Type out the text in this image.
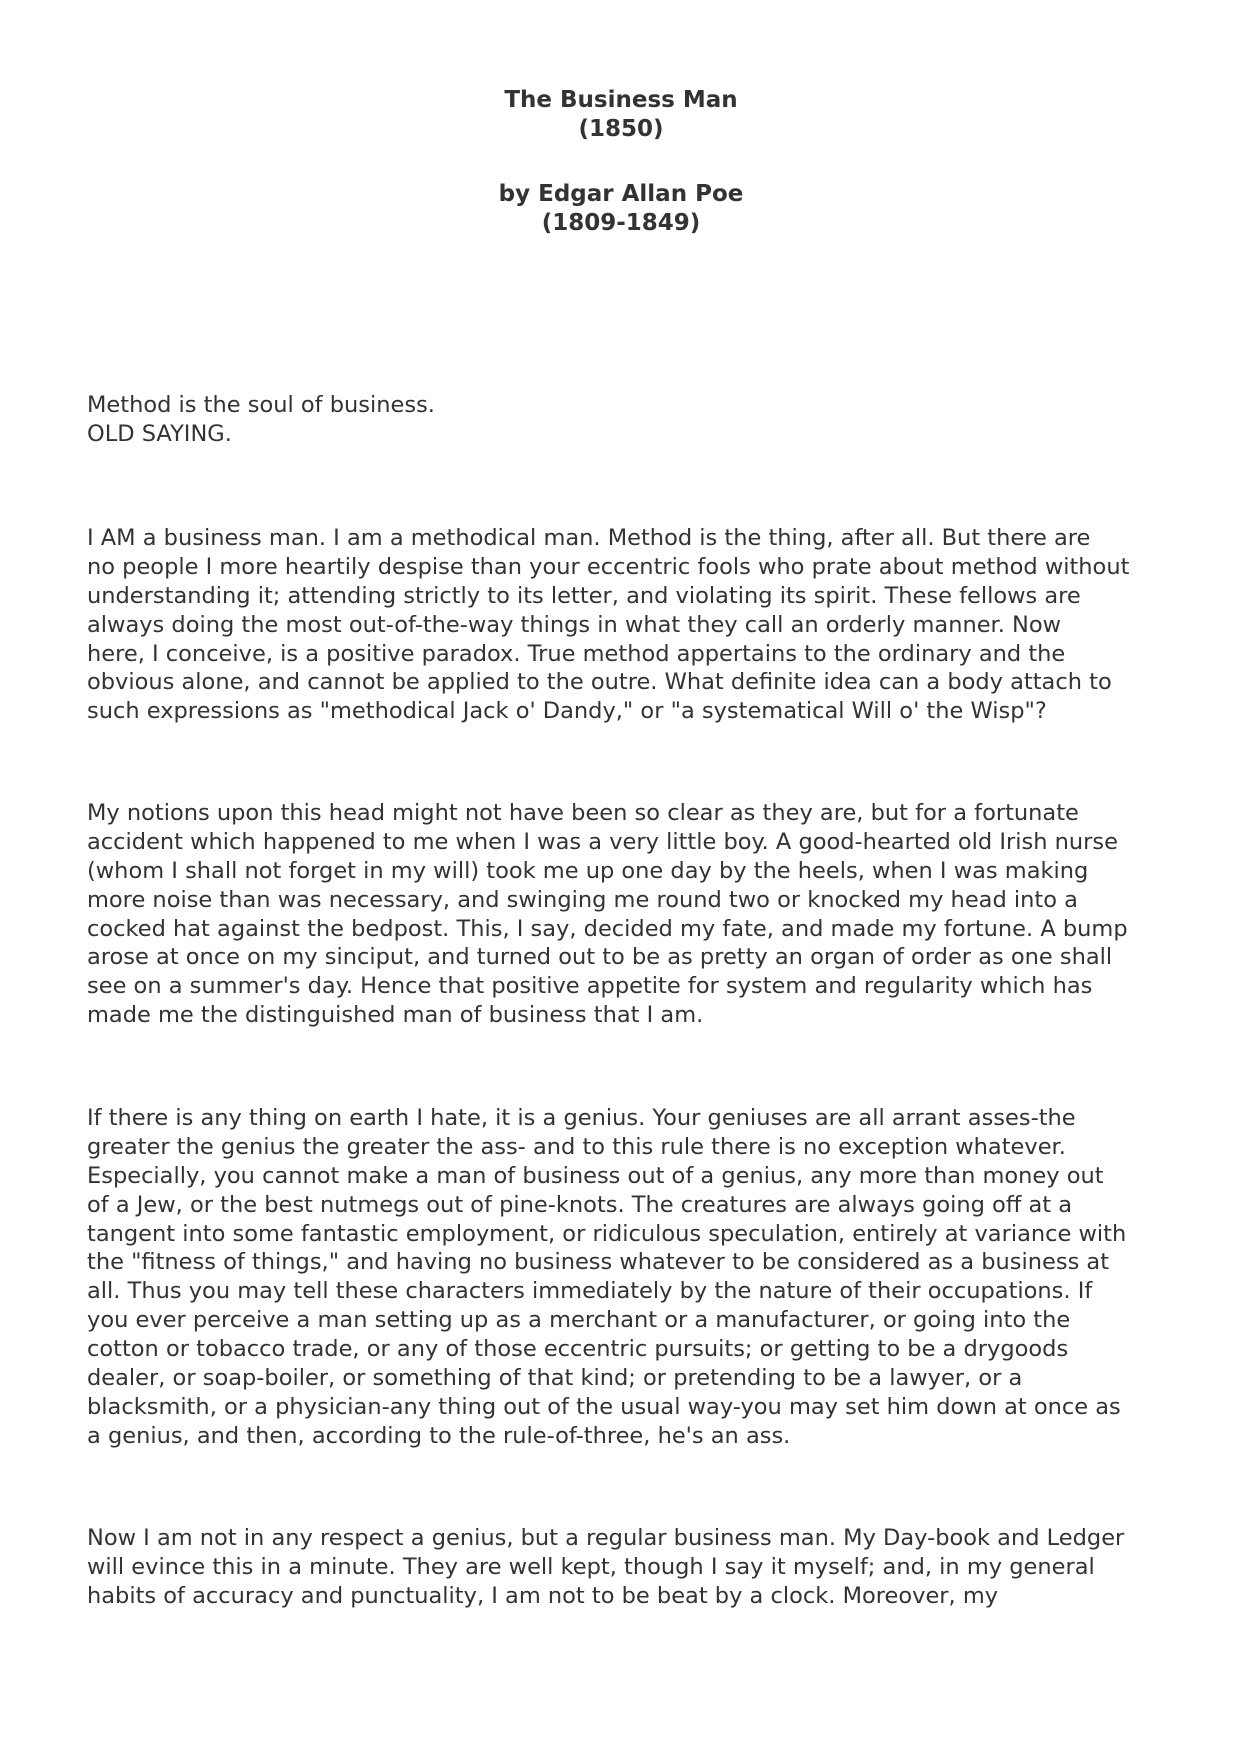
The Business Man
(1850)
by Edgar Allan Poe
(1809-1849)
Method is the soul of business.
OLD SAYING.
I AM a business man. I am a methodical man. Method is the thing, after all. But there are
no people I more heartily despise than your eccentric fools who prate about method without
understanding it; attending strictly to its letter, and violating its spirit. These fellows are
always doing the most out-of-the-way things in what they call an orderly manner. Now
here, I conceive, is a positive paradox. True method appertains to the ordinary and the
obvious alone, and cannot be applied to the outre. What definite idea can a body attach to
such expressions as "methodical Jack o' Dandy," or "a systematical Will o' the Wisp"?
My notions upon this head might not have been so clear as they are, but for a fortunate
accident which happened to me when I was a very little boy. A good-hearted old Irish nurse
(whom I shall not forget in my will) took me up one day by the heels, when I was making
more noise than was necessary, and swinging me round two or knocked my head into a
cocked hat against the bedpost. This, I say, decided my fate, and made my fortune. A bump
arose at once on my sinciput, and turned out to be as pretty an organ of order as one shall
see on a summer's day. Hence that positive appetite for system and regularity which has
made me the distinguished man of business that I am.
If there is any thing on earth I hate, it is a genius. Your geniuses are all arrant asses-the
greater the genius the greater the ass- and to this rule there is no exception whatever.
Especially, you cannot make a man of business out of a genius, any more than money out
of a Jew, or the best nutmegs out of pine-knots. The creatures are always going off at a
tangent into some fantastic employment, or ridiculous speculation, entirely at variance with
the "fitness of things," and having no business whatever to be considered as a business at
all. Thus you may tell these characters immediately by the nature of their occupations. If
you ever perceive a man setting up as a merchant or a manufacturer, or going into the
cotton or tobacco trade, or any of those eccentric pursuits; or getting to be a drygoods
dealer, or soap-boiler, or something of that kind; or pretending to be a lawyer, or a
blacksmith, or a physician-any thing out of the usual way-you may set him down at once as
a genius, and then, according to the rule-of-three, he's an ass.
Now I am not in any respect a genius, but a regular business man. My Day-book and Ledger
will evince this in a minute. They are well kept, though I say it myself; and, in my general
habits of accuracy and punctuality, I am not to be beat by a clock. Moreover, my
